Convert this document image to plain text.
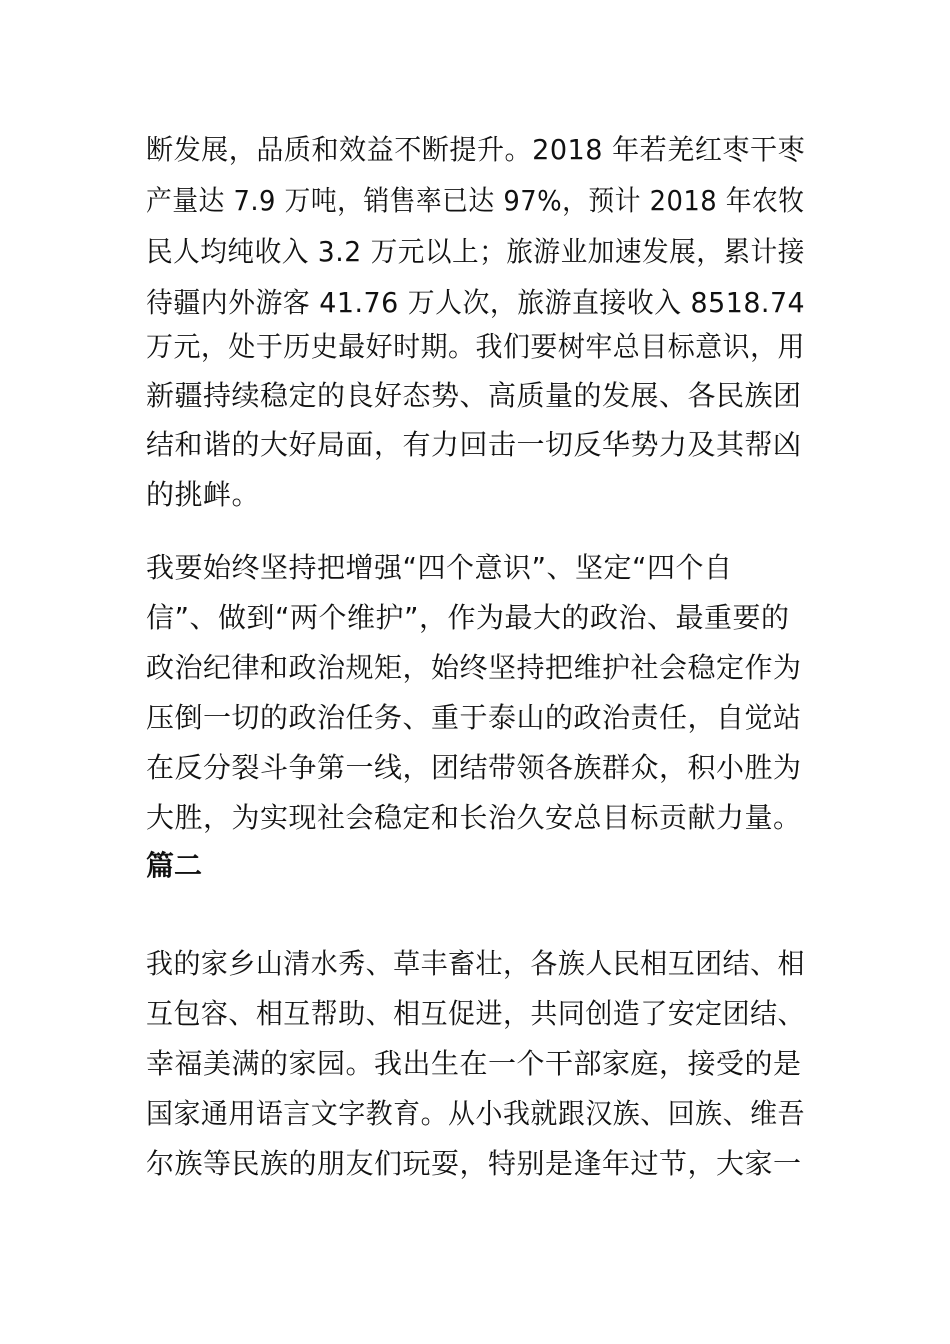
断发展，品质和效益不断提升。2018 年若羌红枣干枣
产量达 7.9 万吨，销售率已达 97%，预计 2018 年农牧
民人均纯收入 3.2 万元以上；旅游业加速发展，累计接
待疆内外游客 41.76 万人次，旅游直接收入 8518.74
万元，处于历史最好时期。我们要树牢总目标意识，用
新疆持续稳定的良好态势、高质量的发展、各民族团
结和谐的大好局面，有力回击一切反华势力及其帮凶
的挑衅。
我要始终坚持把增强“四个意识”、坚定“四个自
信”、做到“两个维护”，作为最大的政治、最重要的
政治纪律和政治规矩，始终坚持把维护社会稳定作为
压倒一切的政治任务、重于泰山的政治责任，自觉站
在反分裂斗争第一线，团结带领各族群众，积小胜为
大胜，为实现社会稳定和长治久安总目标贡献力量。
篇二
我的家乡山清水秀、草丰畜壮，各族人民相互团结、相
互包容、相互帮助、相互促进，共同创造了安定团结、
幸福美满的家园。我出生在一个干部家庭，接受的是
国家通用语言文字教育。从小我就跟汉族、回族、维吾
尔族等民族的朋友们玩耍，特别是逢年过节，大家一
